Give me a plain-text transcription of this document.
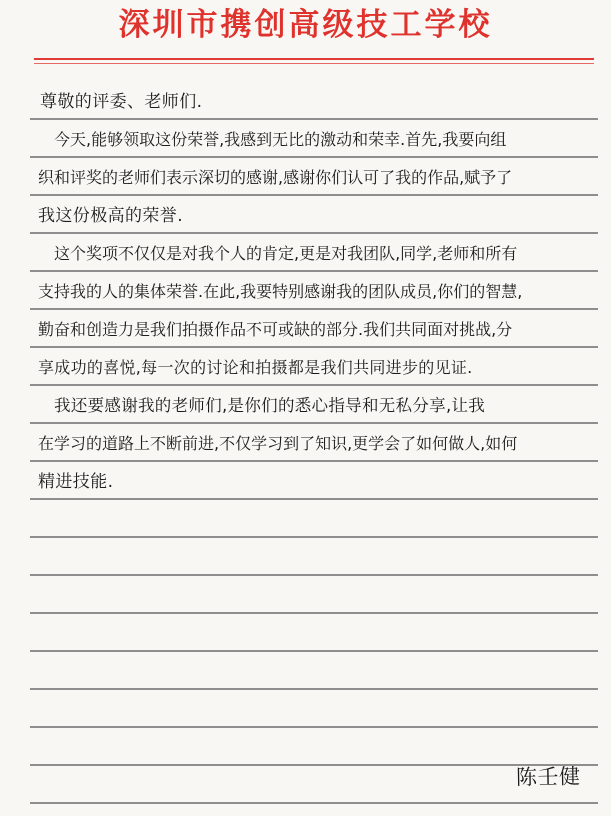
深圳市携创高级技工学校
尊敬的评委、老师们.
今天,能够领取这份荣誉,我感到无比的激动和荣幸.首先,我要向组
织和评奖的老师们表示深切的感谢,感谢你们认可了我的作品,赋予了
我这份极高的荣誉.
这个奖项不仅仅是对我个人的肯定,更是对我团队,同学,老师和所有
支持我的人的集体荣誉.在此,我要特别感谢我的团队成员,你们的智慧,
勤奋和创造力是我们拍摄作品不可或缺的部分.我们共同面对挑战,分
享成功的喜悦,每一次的讨论和拍摄都是我们共同进步的见证.
我还要感谢我的老师们,是你们的悉心指导和无私分享,让我
在学习的道路上不断前进,不仅学习到了知识,更学会了如何做人,如何
精进技能.
陈壬健
